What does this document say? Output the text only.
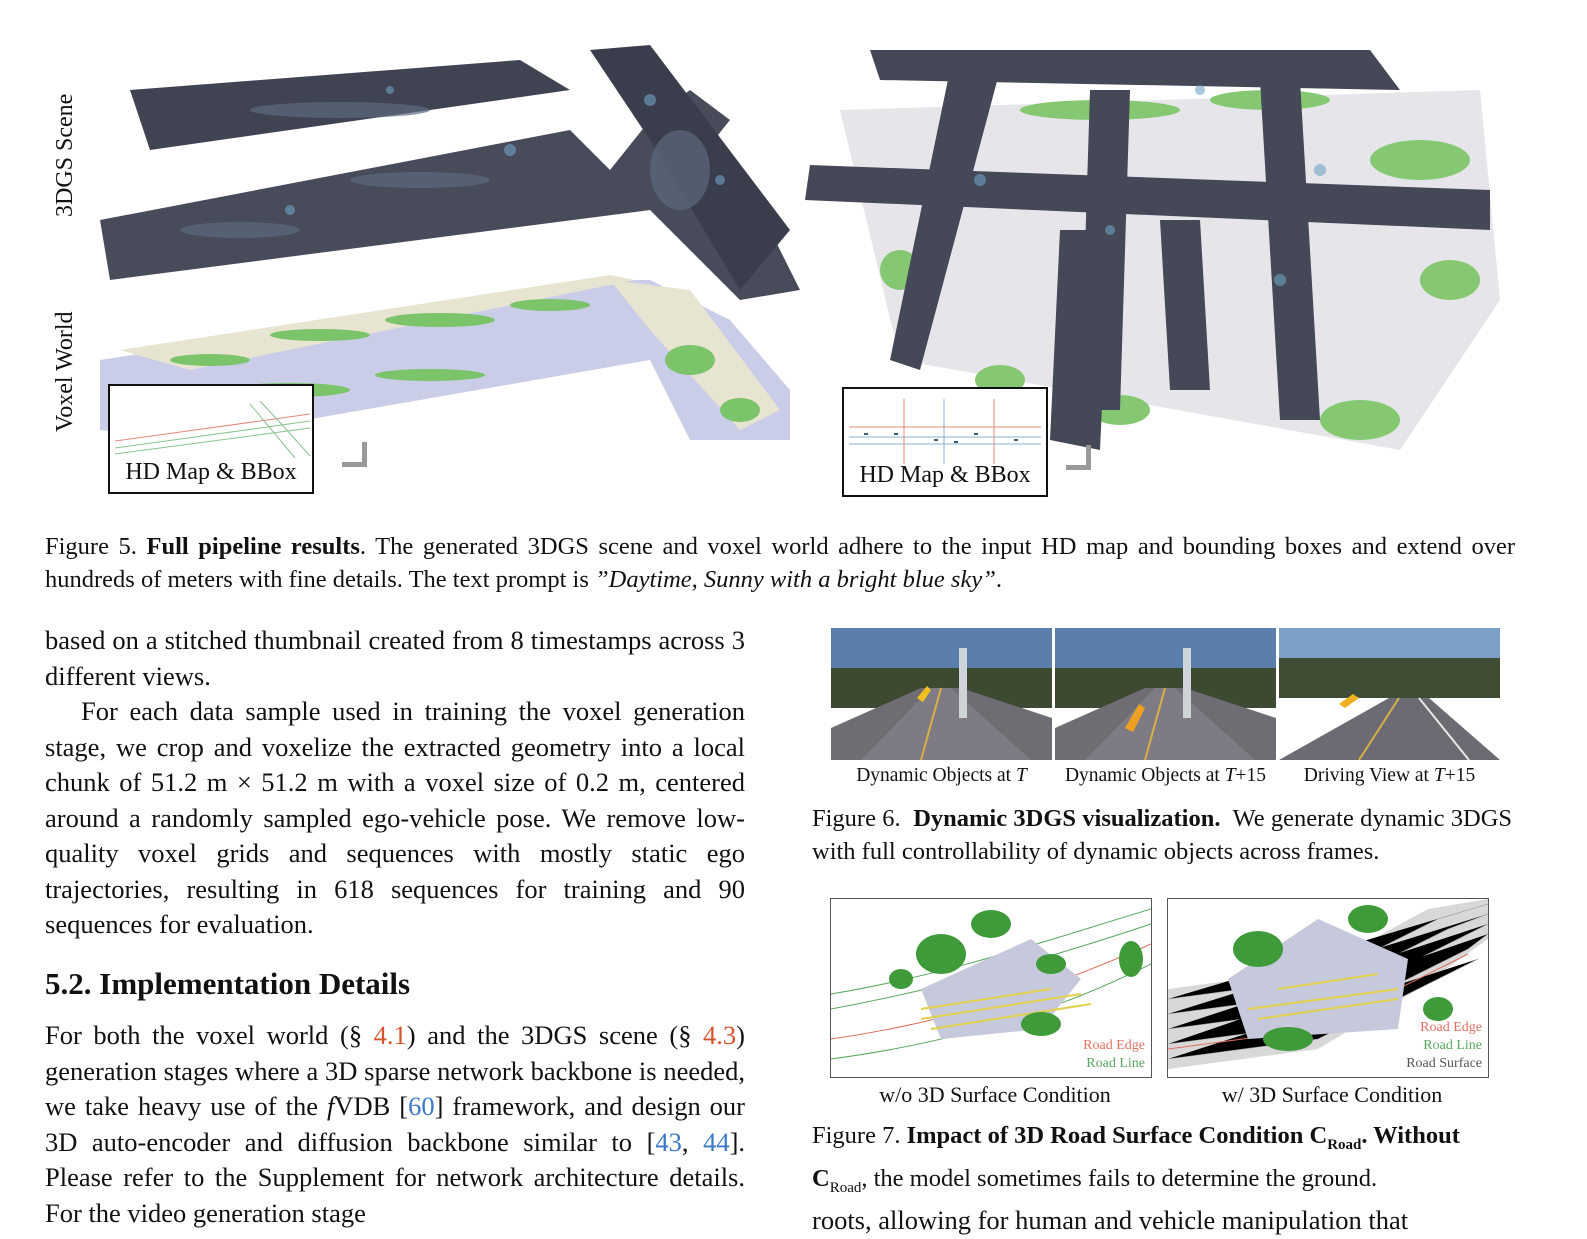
3DGS Scene
Voxel World
HD Map & BBox	HD Map & BBox
Figure 5. Full pipeline results. The generated 3DGS scene and voxel world adhere to the input HD map and bounding boxes and extend over hundreds of meters with fine details. The text prompt is ”Daytime, Sunny with a bright blue sky”.

based on a stitched thumbnail created from 8 timestamps across 3 different views.

For each data sample used in training the voxel generation stage, we crop and voxelize the extracted geometry into a local chunk of 51.2 m × 51.2 m with a voxel size of 0.2 m, centered around a randomly sampled ego-vehicle pose. We remove low-quality voxel grids and sequences with mostly static ego trajectories, resulting in 618 sequences for training and 90 sequences for evaluation.

5.2. Implementation Details

For both the voxel world (§ 4.1) and the 3DGS scene (§ 4.3) generation stages where a 3D sparse network backbone is needed, we take heavy use of the fVDB [60] framework, and design our 3D auto-encoder and diffusion backbone similar to [43, 44]. Please refer to the Supplement for network architecture details. For the video generation stage

Dynamic Objects at T	Dynamic Objects at T+15	Driving View at T+15
Figure 6. Dynamic 3DGS visualization. We generate dynamic 3DGS with full controllability of dynamic objects across frames.
Road Edge
Road Line
Road Edge
Road Line
Road Surface
w/o 3D Surface Condition	w/ 3D Surface Condition
Figure 7. Impact of 3D Road Surface Condition $C_{Road}$. Without
$C_{Road}$, the model sometimes fails to determine the ground.
roots, allowing for human and vehicle manipulation that
